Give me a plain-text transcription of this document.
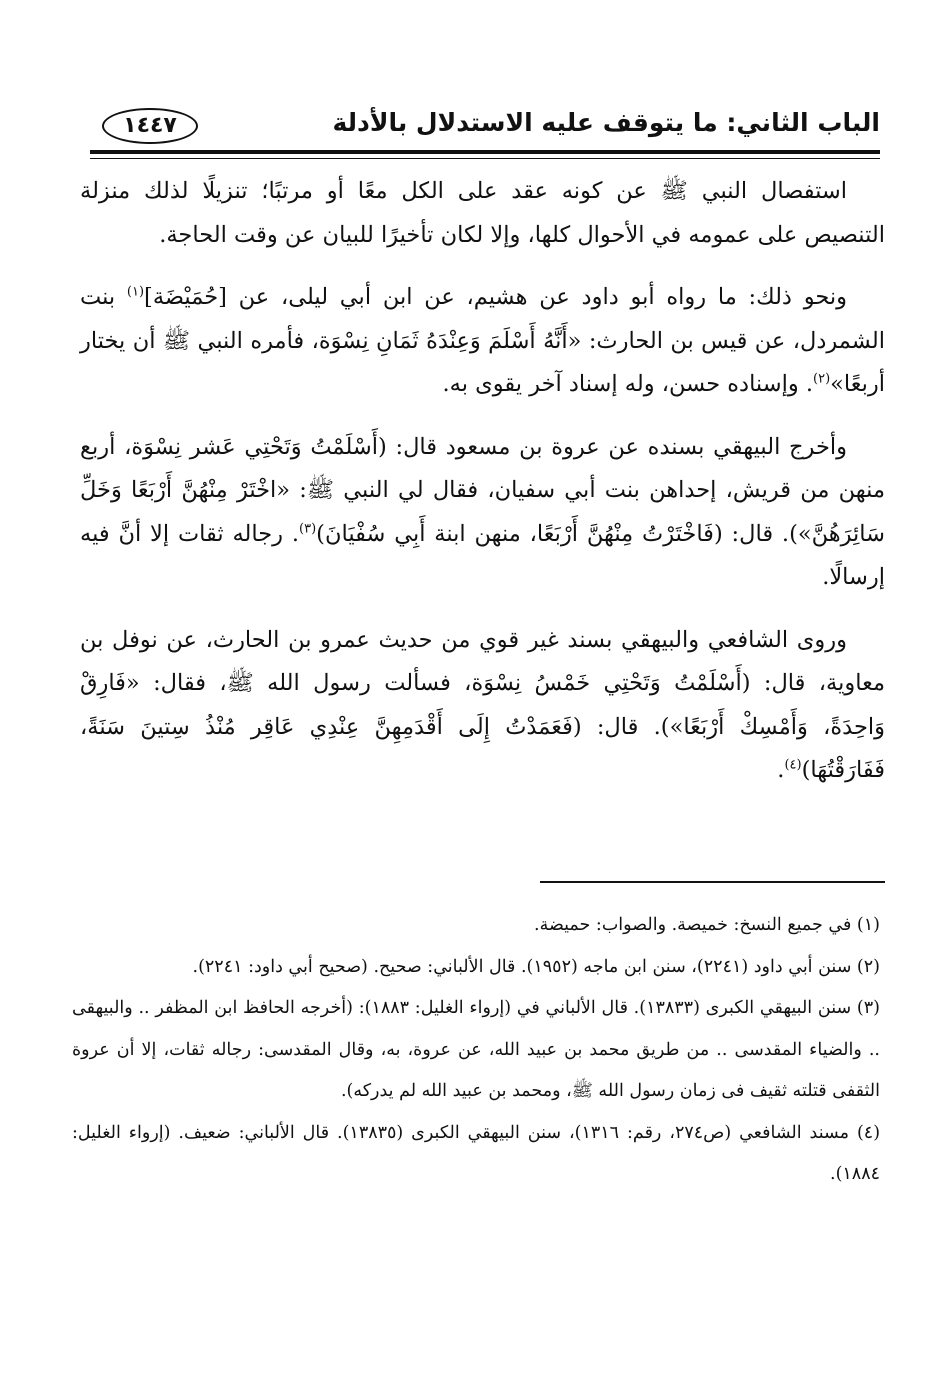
الباب الثاني: ما يتوقف عليه الاستدلال بالأدلة
١٤٤٧

استفصال النبي ﷺ عن كونه عقد على الكل معًا أو مرتبًا؛ تنزيلًا لذلك منزلة التنصيص على عمومه في الأحوال كلها، وإلا لكان تأخيرًا للبيان عن وقت الحاجة.

ونحو ذلك: ما رواه أبو داود عن هشيم، عن ابن أبي ليلى، عن [حُمَيْضَة]$^{(١)}$ بنت الشمردل، عن قيس بن الحارث: «أَنَّهُ أَسْلَمَ وَعِنْدَهُ ثَمَانِ نِسْوَة، فأمره النبي ﷺ أن يختار أربعًا»$^{(٢)}$. وإسناده حسن، وله إسناد آخر يقوى به.

وأخرج البيهقي بسنده عن عروة بن مسعود قال: (أَسْلَمْتُ وَتَحْتِي عَشر نِسْوَة، أربع منهن من قريش، إحداهن بنت أبي سفيان، فقال لي النبي ﷺ: «اخْتَرْ مِنْهُنَّ أَرْبَعًا وَخَلِّ سَائِرَهُنَّ»). قال: (فَاخْتَرْتُ مِنْهُنَّ أَرْبَعًا، منهن ابنة أَبِي سُفْيَانَ)$^{(٣)}$. رجاله ثقات إلا أنَّ فيه إرسالًا.

وروى الشافعي والبيهقي بسند غير قوي من حديث عمرو بن الحارث، عن نوفل بن معاوية، قال: (أَسْلَمْتُ وَتَحْتِي خَمْسُ نِسْوَة، فسألت رسول الله ﷺ، فقال: «فَارِقْ وَاحِدَةً، وَأَمْسِكْ أَرْبَعًا»). قال: (فَعَمَدْتُ إِلَى أَقْدَمِهِنَّ عِنْدِي عَاقِر مُنْذُ سِتينَ سَنَةً، فَفَارَقْتُهَا)$^{(٤)}$.

(١) في جميع النسخ: خميصة. والصواب: حميضة.

(٢) سنن أبي داود (٢٢٤١)، سنن ابن ماجه (١٩٥٢). قال الألباني: صحيح. (صحيح أبي داود: ٢٢٤١).

(٣) سنن البيهقي الكبرى (١٣٨٣٣). قال الألباني في (إرواء الغليل: ١٨٨٣): (أخرجه الحافظ ابن المظفر .. والبيهقى .. والضياء المقدسى .. من طريق محمد بن عبيد الله، عن عروة، به، وقال المقدسى: رجاله ثقات، إلا أن عروة الثقفى قتلته ثقيف فى زمان رسول الله ﷺ، ومحمد بن عبيد الله لم يدركه).

(٤) مسند الشافعي (ص٢٧٤، رقم: ١٣١٦)، سنن البيهقي الكبرى (١٣٨٣٥). قال الألباني: ضعيف. (إرواء الغليل: ١٨٨٤).
